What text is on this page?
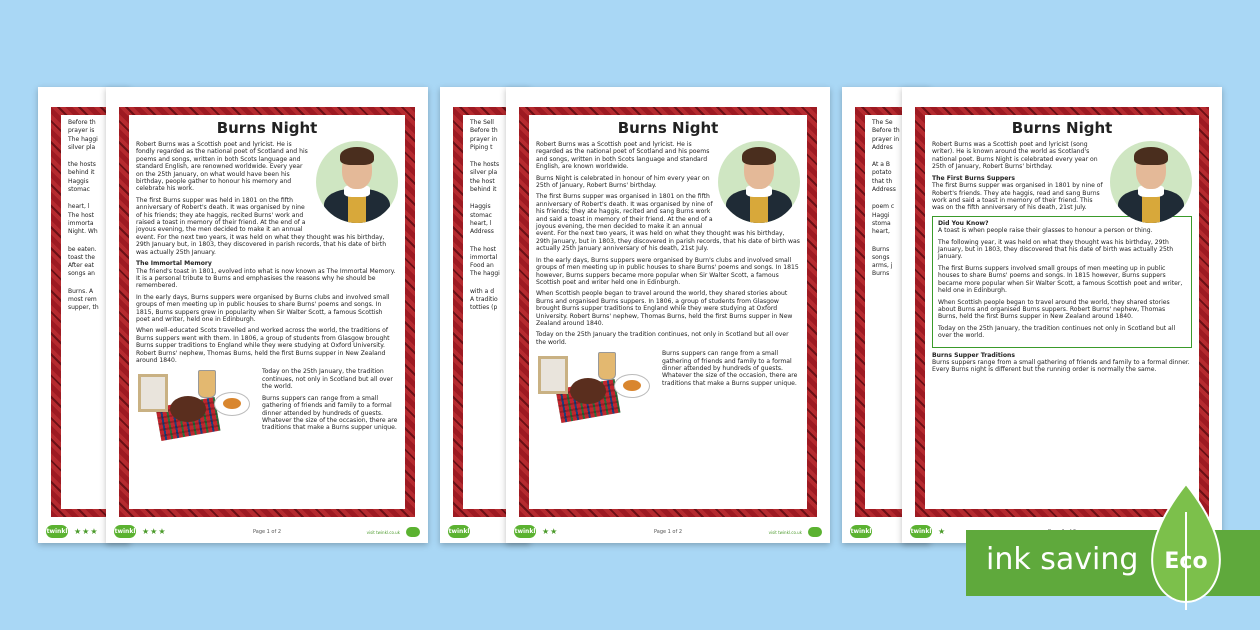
Before th
prayer is
The haggi
silver pla
the hosts
behind it
Haggis
stomac
heart, l
The host
immorta
Night. Wh
be eaten.
toast the
After eat
songs an
Burns. A
most rem
supper, th
twinkl ★★★
Burns Night

Robert Burns was a Scottish poet and lyricist. He is fondly regarded as the national poet of Scotland and his poems and songs, written in both Scots language and standard English, are renowned worldwide. Every year on the 25th January, on what would have been his birthday, people gather to honour his memory and celebrate his work.

The first Burns supper was held in 1801 on the fifth anniversary of Robert's death. It was organised by nine of his friends; they ate haggis, recited Burns' work and raised a toast in memory of their friend. At the end of a joyous evening, the men decided to make it an annual event. For the next two years, it was held on what they thought was his birthday, 29th January but, in 1803, they discovered in parish records, that his date of birth was actually 25th January.

The Immortal Memory

The friend's toast in 1801, evolved into what is now known as The Immortal Memory. It is a personal tribute to Burns and emphasises the reasons why he should be remembered.

In the early days, Burns suppers were organised by Burns clubs and involved small groups of men meeting up in public houses to share Burns' poems and songs. In 1815, Burns suppers grew in popularity when Sir Walter Scott, a famous Scottish poet and writer, held one in Edinburgh.

When well-educated Scots travelled and worked across the world, the traditions of Burns suppers went with them. In 1806, a group of students from Glasgow brought Burns supper traditions to England while they were studying at Oxford University. Robert Burns' nephew, Thomas Burns, held the first Burns supper in New Zealand around 1840.

Today on the 25th January, the tradition continues, not only in Scotland but all over the world.

Burns suppers can range from a small gathering of friends and family to a formal dinner attended by hundreds of guests. Whatever the size of the occasion, there are traditions that make a Burns supper unique.

twinkl ★★★	Page 1 of 2	visit twinkl.co.uk
The Sell
Before th
prayer in
Piping t
The hosts
silver pla
the host
behind it
Haggis
stomac
heart, l
Address
The host
immortal
Food an
The haggi
with a d
A traditio
totties (p
twinkl
Burns Night

Robert Burns was a Scottish poet and lyricist. He is regarded as the national poet of Scotland and his poems and songs, written in both Scots language and standard English, are known worldwide.

Burns Night is celebrated in honour of him every year on 25th of January, Robert Burns' birthday.

The first Burns supper was organised in 1801 on the fifth anniversary of Robert's death. It was organised by nine of his friends; they ate haggis, recited and sang Burns work and said a toast in memory of their friend. At the end of a joyous evening, the men decided to make it an annual event. For the next two years, it was held on what they thought was his birthday, 29th January, but in 1803, they discovered in parish records, that his date of birth was actually 25th January anniversary of his death, 21st July.

In the early days, Burns suppers were organised by Burn's clubs and involved small groups of men meeting up in public houses to share Burns' poems and songs. In 1815 however, Burns suppers became more popular when Sir Walter Scott, a famous Scottish poet and writer held one in Edinburgh.

When Scottish people began to travel around the world, they shared stories about Burns and organised Burns suppers. In 1806, a group of students from Glasgow brought Burns supper traditions to England while they were studying at Oxford University. Robert Burns' nephew, Thomas Burns, held the first Burns supper in New Zealand around 1840.

Today on the 25th January the tradition continues, not only in Scotland but all over the world.

Burns suppers can range from a small gathering of friends and family to a formal dinner attended by hundreds of guests. Whatever the size of the occasion, there are traditions that make a Burns supper unique.

twinkl ★★	Page 1 of 2	visit twinkl.co.uk
The Se
Before th
prayer in
Addres
At a B
potato
that th
Address
poem c
Haggi
stoma
heart,
Burns
songs
arms, j
Burns
twinkl
Burns Night

Robert Burns was a Scottish poet and lyricist (song writer). He is known around the world as Scotland's national poet. Burns Night is celebrated every year on 25th of January, Robert Burns' birthday.

The First Burns Suppers

The first Burns supper was organised in 1801 by nine of Robert's friends. They ate haggis, read and sang Burns work and said a toast in memory of their friend. This was on the fifth anniversary of his death, 21st July.

Did You Know?

A toast is when people raise their glasses to honour a person or thing.

The following year, it was held on what they thought was his birthday, 29th January, but in 1803, they discovered that his date of birth was actually 25th January.

The first Burns suppers involved small groups of men meeting up in public houses to share Burns' poems and songs. In 1815 however, Burns suppers became more popular when Sir Walter Scott, a famous Scottish poet and writer, held one in Edinburgh.

When Scottish people began to travel around the world, they shared stories about Burns and organised Burns suppers. Robert Burns' nephew, Thomas Burns, held the first Burns supper in New Zealand around 1840.

Today on the 25th January, the tradition continues not only in Scotland but all over the world.

Burns Supper Traditions

Burns suppers range from a small gathering of friends and family to a formal dinner. Every Burns night is different but the running order is normally the same.

twinkl ★
ink saving Eco
